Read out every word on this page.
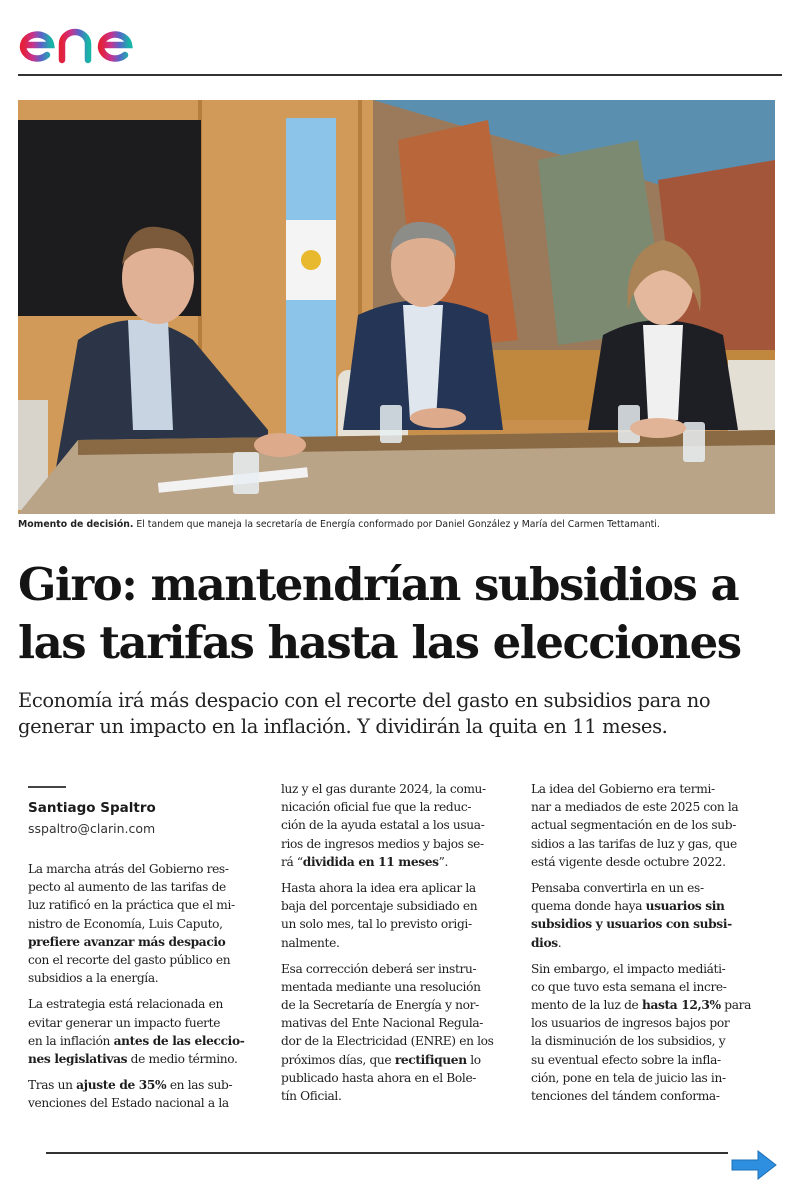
Momento de decisión. El tandem que maneja la secretaría de Energía conformado por Daniel González y María del Carmen Tettamanti.
Giro: mantendrían subsidios a
las tarifas hasta las elecciones
Economía irá más despacio con el recorte del gasto en subsidios para no
generar un impacto en la inflación. Y dividirán la quita en 11 meses.
Santiago Spaltro
sspaltro@clarin.com
La marcha atrás del Gobierno res-
pecto al aumento de las tarifas de
luz ratificó en la práctica que el mi-
nistro de Economía, Luis Caputo,
prefiere avanzar más despacio
con el recorte del gasto público en
subsidios a la energía.
La estrategia está relacionada en
evitar generar un impacto fuerte
en la inflación antes de las eleccio-
nes legislativas de medio término.
Tras un ajuste de 35% en las sub-
venciones del Estado nacional a la
luz y el gas durante 2024, la comu-
nicación oficial fue que la reduc-
ción de la ayuda estatal a los usua-
rios de ingresos medios y bajos se-
rá “dividida en 11 meses”.
Hasta ahora la idea era aplicar la
baja del porcentaje subsidiado en
un solo mes, tal lo previsto origi-
nalmente.
Esa corrección deberá ser instru-
mentada mediante una resolución
de la Secretaría de Energía y nor-
mativas del Ente Nacional Regula-
dor de la Electricidad (ENRE) en los
próximos días, que rectifiquen lo
publicado hasta ahora en el Bole-
tín Oficial.
La idea del Gobierno era termi-
nar a mediados de este 2025 con la
actual segmentación en de los sub-
sidios a las tarifas de luz y gas, que
está vigente desde octubre 2022.
Pensaba convertirla en un es-
quema donde haya usuarios sin
subsidios y usuarios con subsi-
dios.
Sin embargo, el impacto mediáti-
co que tuvo esta semana el incre-
mento de la luz de hasta 12,3% para
los usuarios de ingresos bajos por
la disminución de los subsidios, y
su eventual efecto sobre la infla-
ción, pone en tela de juicio las in-
tenciones del tándem conforma-
